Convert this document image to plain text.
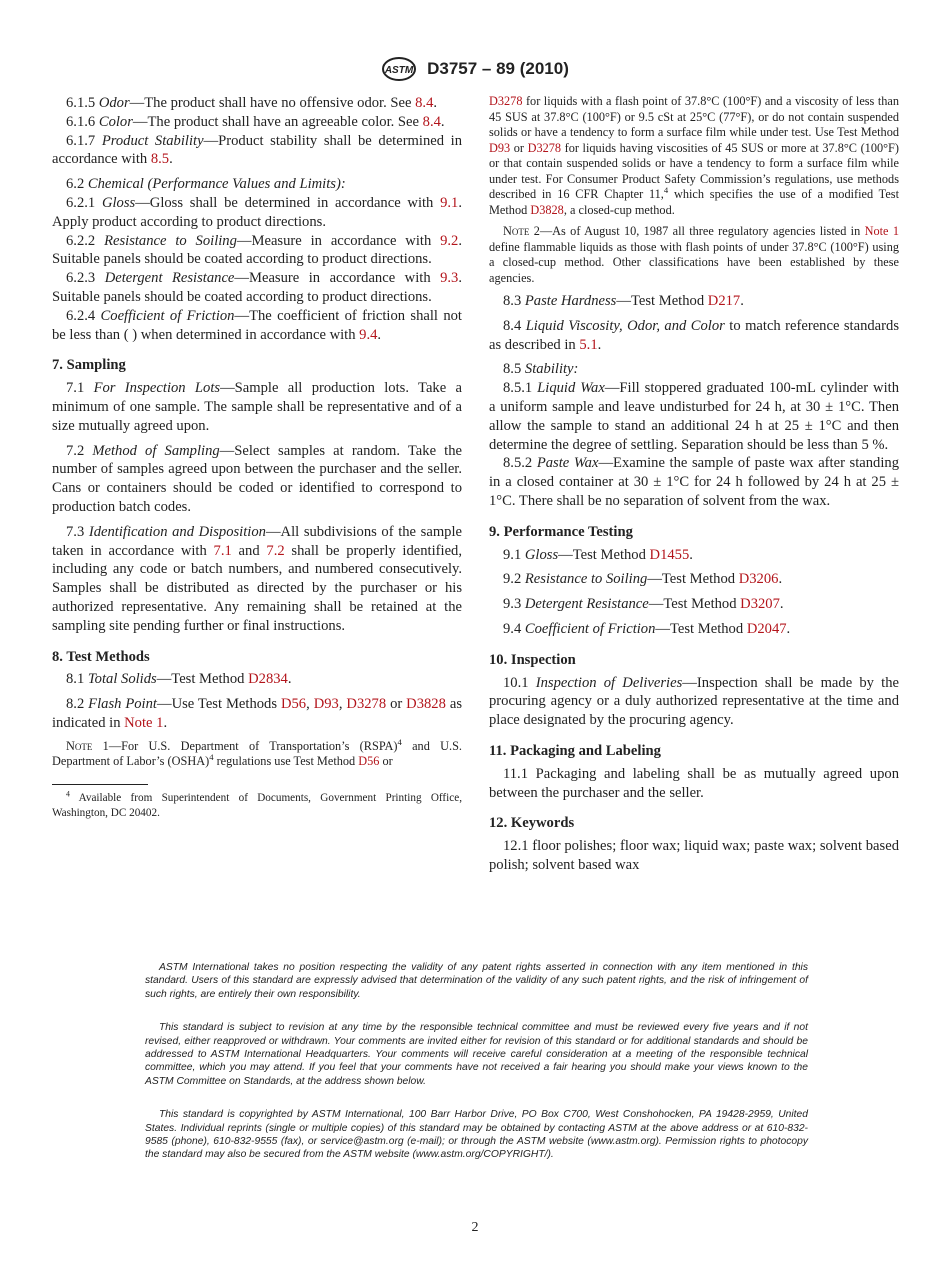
ASTM D3757 – 89 (2010)

6.1.5 Odor—The product shall have no offensive odor. See 8.4.

6.1.6 Color—The product shall have an agreeable color. See 8.4.

6.1.7 Product Stability—Product stability shall be determined in accordance with 8.5.

6.2 Chemical (Performance Values and Limits):

6.2.1 Gloss—Gloss shall be determined in accordance with 9.1. Apply product according to product directions.

6.2.2 Resistance to Soiling—Measure in accordance with 9.2. Suitable panels should be coated according to product directions.

6.2.3 Detergent Resistance—Measure in accordance with 9.3. Suitable panels should be coated according to product directions.

6.2.4 Coefficient of Friction—The coefficient of friction shall not be less than ( ) when determined in accordance with 9.4.

7. Sampling

7.1 For Inspection Lots—Sample all production lots. Take a minimum of one sample. The sample shall be representative and of a size mutually agreed upon.

7.2 Method of Sampling—Select samples at random. Take the number of samples agreed upon between the purchaser and the seller. Cans or containers should be coded or identified to correspond to production batch codes.

7.3 Identification and Disposition—All subdivisions of the sample taken in accordance with 7.1 and 7.2 shall be properly identified, including any code or batch numbers, and numbered consecutively. Samples shall be distributed as directed by the purchaser or his authorized representative. Any remaining shall be retained at the sampling site pending further or final instructions.

8. Test Methods

8.1 Total Solids—Test Method D2834.

8.2 Flash Point—Use Test Methods D56, D93, D3278 or D3828 as indicated in Note 1.

Note 1—For U.S. Department of Transportation’s (RSPA)$^4$ and U.S. Department of Labor’s (OSHA)$^4$ regulations use Test Method D56 or
$^4$ Available from Superintendent of Documents, Government Printing Office, Washington, DC 20402.
D3278 for liquids with a flash point of 37.8°C (100°F) and a viscosity of less than 45 SUS at 37.8°C (100°F) or 9.5 cSt at 25°C (77°F), or do not contain suspended solids or have a tendency to form a surface film while under test. Use Test Method D93 or D3278 for liquids having viscosities of 45 SUS or more at 37.8°C (100°F) or that contain suspended solids or have a tendency to form a surface film while under test. For Consumer Product Safety Commission’s regulations, use methods described in 16 CFR Chapter 11,$^4$ which specifies the use of a modified Test Method D3828, a closed-cup method.
Note 2—As of August 10, 1987 all three regulatory agencies listed in Note 1 define flammable liquids as those with flash points of under 37.8°C (100°F) using a closed-cup method. Other classifications have been established by these agencies.

8.3 Paste Hardness—Test Method D217.

8.4 Liquid Viscosity, Odor, and Color to match reference standards as described in 5.1.

8.5 Stability:

8.5.1 Liquid Wax—Fill stoppered graduated 100-mL cylinder with a uniform sample and leave undisturbed for 24 h, at 30 ± 1°C. Then allow the sample to stand an additional 24 h at 25 ± 1°C and then determine the degree of settling. Separation should be less than 5 %.

8.5.2 Paste Wax—Examine the sample of paste wax after standing in a closed container at 30 ± 1°C for 24 h followed by 24 h at 25 ± 1°C. There shall be no separation of solvent from the wax.

9. Performance Testing

9.1 Gloss—Test Method D1455.

9.2 Resistance to Soiling—Test Method D3206.

9.3 Detergent Resistance—Test Method D3207.

9.4 Coefficient of Friction—Test Method D2047.

10. Inspection

10.1 Inspection of Deliveries—Inspection shall be made by the procuring agency or a duly authorized representative at the time and place designated by the procuring agency.

11. Packaging and Labeling

11.1 Packaging and labeling shall be as mutually agreed upon between the purchaser and the seller.

12. Keywords

12.1 floor polishes; floor wax; liquid wax; paste wax; solvent based polish; solvent based wax

ASTM International takes no position respecting the validity of any patent rights asserted in connection with any item mentioned in this standard. Users of this standard are expressly advised that determination of the validity of any such patent rights, and the risk of infringement of such rights, are entirely their own responsibility.

This standard is subject to revision at any time by the responsible technical committee and must be reviewed every five years and if not revised, either reapproved or withdrawn. Your comments are invited either for revision of this standard or for additional standards and should be addressed to ASTM International Headquarters. Your comments will receive careful consideration at a meeting of the responsible technical committee, which you may attend. If you feel that your comments have not received a fair hearing you should make your views known to the ASTM Committee on Standards, at the address shown below.

This standard is copyrighted by ASTM International, 100 Barr Harbor Drive, PO Box C700, West Conshohocken, PA 19428-2959, United States. Individual reprints (single or multiple copies) of this standard may be obtained by contacting ASTM at the above address or at 610-832-9585 (phone), 610-832-9555 (fax), or service@astm.org (e-mail); or through the ASTM website (www.astm.org). Permission rights to photocopy the standard may also be secured from the ASTM website (www.astm.org/COPYRIGHT/).

2
